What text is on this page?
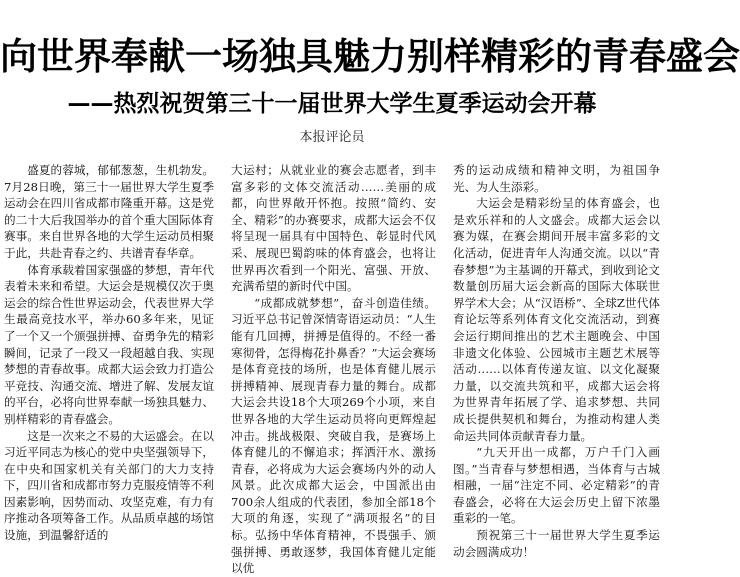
向世界奉献一场独具魅力别样精彩的青春盛会
——热烈祝贺第三十一届世界大学生夏季运动会开幕
本报评论员

盛夏的蓉城，郁郁葱葱，生机勃发。7月28日晚，第三十一届世界大学生夏季运动会在四川省成都市隆重开幕。这是党的二十大后我国举办的首个重大国际体育赛事。来自世界各地的大学生运动员相聚于此，共赴青春之约、共谱青春华章。

体育承载着国家强盛的梦想，青年代表着未来和希望。大运会是规模仅次于奥运会的综合性世界运动会，代表世界大学生最高竞技水平，举办60多年来，见证了一个又一个颁强拼搏、奋勇争先的精彩瞬间，记录了一段又一段超越自我、实现梦想的青春故事。成都大运会致力打造公平竞技、沟通交流、增进了解、发展友谊的平台，必将向世界奉献一场独具魅力、别样精彩的青春盛会。

这是一次来之不易的大运盛会。在以习近平同志为核心的党中央坚强领导下，在中央和国家机关有关部门的大力支持下，四川省和成都市努力克服疫情等不利因素影响，因势而动、攻坚克难，有力有序推动各项筹备工作。从品质卓越的场馆设施，到温馨舒适的

大运村；从就业业的赛会志愿者，到丰富多彩的文体交流活动……美丽的成都，向世界敞开怀抱。按照“简约、安全、精彩”的办赛要求，成都大运会不仅将呈现一届具有中国特色、彰显时代风采、展现巴蜀韵味的体育盛会，也将让世界再次看到一个阳光、富强、开放、充满希望的新时代中国。

“成都成就梦想”，奋斗创造佳绩。习近平总书记曾深情寄语运动员：“人生能有几回搏，拼搏是值得的。不经一番寒彻骨，怎得梅花扑鼻香？”大运会赛场是体育竞技的场所，也是体育健儿展示拼搏精神、展现青春力量的舞台。成都大运会共设18个大项269个小项，来自世界各地的大学生运动员将向更辉煌起冲击。挑战极限、突破自我，是赛场上体育健儿的不懈追求；挥洒汗水、激扬青春，必将成为大运会赛场内外的动人风景。此次成都大运会，中国派出由700余人组成的代表团，参加全部18个大项的角逐，实现了“满项报名”的目标。弘扬中华体育精神，不畏强手、颁强拼搏、勇敢逐梦，我国体育健儿定能以优

秀的运动成绩和精神文明，为祖国争光、为人生添彩。

大运会是精彩纷呈的体育盛会，也是欢乐祥和的人文盛会。成都大运会以赛为媒，在赛会期间开展丰富多彩的文化活动，促进青年人沟通交流。以以“青春梦想”为主基调的开幕式，到收到论文数量创历届大运会新高的国际大体联世界学术大会；从“汉语桥”、全球Z世代体育论坛等系列体育文化交流活动，到赛会运行期间推出的艺术主题晚会、中国非遗文化体验、公园城市主题艺术展等活动……以体育传递友谊、以文化凝聚力量，以交流共筑和平，成都大运会将为世界青年拓展了学、追求梦想、共同成长提供契机和舞台，为推动构建人类命运共同体贡献青春力量。

“九天开出一成都，万户千门入画图。”当青春与梦想相遇，当体育与古城相融，一届“注定不同、必定精彩”的青春盛会，必将在大运会历史上留下浓墨重彩的一笔。

预祝第三十一届世界大学生夏季运动会圆满成功！
